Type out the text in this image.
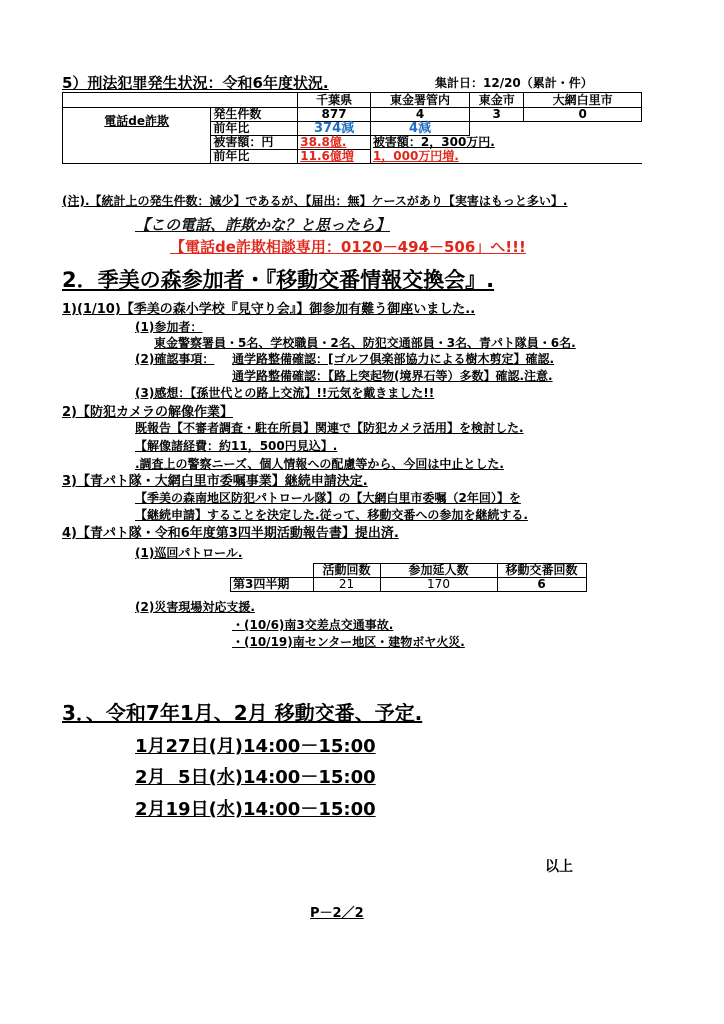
5）刑法犯罪発生状況：令和6年度状況.	集計日：12/20（累計・件）
		千葉県	東金署管内	東金市	大網白里市
電話de詐欺	発生件数	877	4	3	0
	前年比	374減	4減		
	被害額：円	38.8億.	被害額：2，300万円.		
	前年比	11.6億増	1，000万円増.		
(注).【統計上の発生件数：減少】であるが、【届出：無】ケースがあり【実害はもっと多い】.
【この電話、詐欺かな？と思ったら】
【電話de詐欺相談専用：0120－494－506」へ!!!
2．季美の森参加者・『移動交番情報交換会』.
1)(1/10)【季美の森小学校『見守り会』】御参加有難う御座いました..
(1)参加者：
東金警察署員・5名、学校職員・2名、防犯交通部員・3名、青パト隊員・6名.
(2)確認事項： 通学路整備確認：[ゴルフ倶楽部協力による樹木剪定】確認.
通学路整備確認：【路上突起物(境界石等）多数】確認.注意.
(3)感想：【孫世代との路上交流】!!元気を戴きました!!
2)【防犯カメラの解像作業】
既報告【不審者調査・駐在所員】関連で【防犯カメラ活用】を検討した.
【解像諸経費：約11，500円見込】.
.調査上の警察ニーズ、個人情報への配慮等から、今回は中止とした.
3)【青パト隊・大網白里市委嘱事業】継続申請決定.
【季美の森南地区防犯パトロール隊】の【大網白里市委嘱（2年回）】を
【継続申請】することを決定した.従って、移動交番への参加を継続する.
4)【青パト隊・令和6年度第3四半期活動報告書】提出済.
(1)巡回パトロール.
	活動回数	参加延人数	移動交番回数
第3四半期	21	170	6
(2)災害現場対応支援.
・(10/6)南3交差点交通事故.
・(10/19)南センター地区・建物ボヤ火災.
3．、令和7年1月、2月 移動交番、予定.
1月27日(月)14:00－15:00
2月  5日(水)14:00－15:00
2月19日(水)14:00－15:00
以上
P－2／2
